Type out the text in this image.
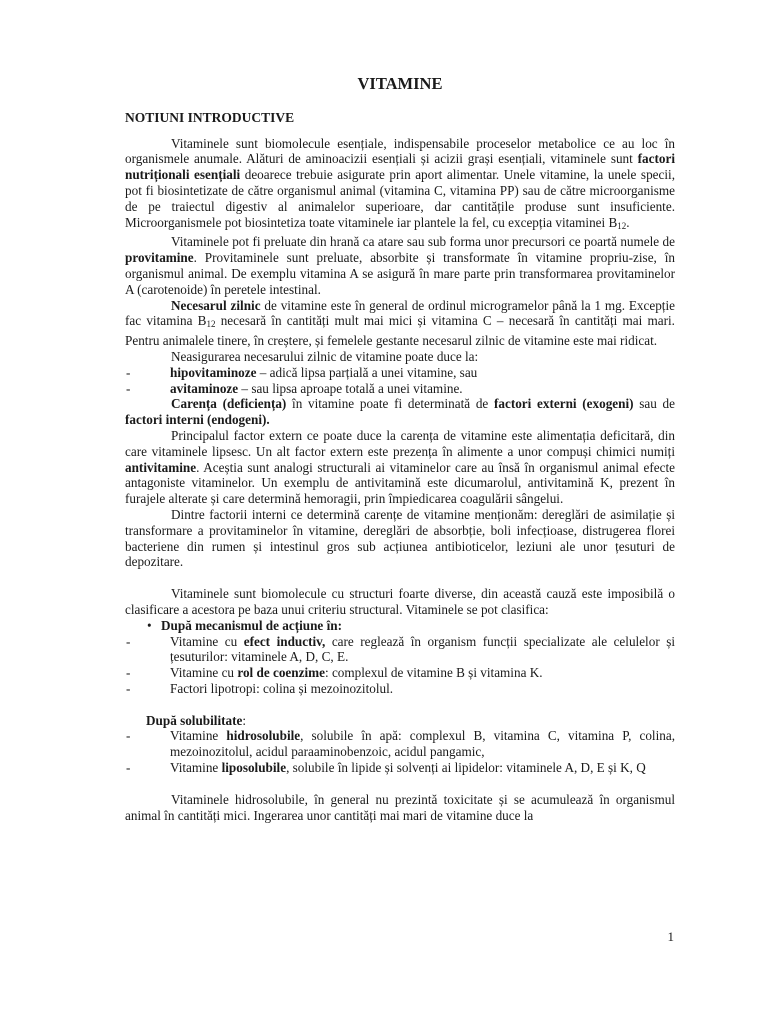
VITAMINE
NOTIUNI INTRODUCTIVE

Vitaminele sunt biomolecule esențiale, indispensabile proceselor metabolice ce au loc în organismele anumale. Alături de aminoacizii esențiali și acizii grași esențiali, vitaminele sunt factori nutriționali esențiali deoarece trebuie asigurate prin aport alimentar. Unele vitamine, la unele specii, pot fi biosintetizate de către organismul animal (vitamina C, vitamina PP) sau de către microorganisme de pe traiectul digestiv al animalelor superioare, dar cantitățile produse sunt insuficiente. Microorganismele pot biosintetiza toate vitaminele iar plantele la fel, cu excepția vitaminei $B_{12}$.

Vitaminele pot fi preluate din hrană ca atare sau sub forma unor precursori ce poartă numele de provitamine. Provitaminele sunt preluate, absorbite și transformate în vitamine propriu-zise, în organismul animal. De exemplu vitamina A se asigură în mare parte prin transformarea provitaminelor A (carotenoide) în peretele intestinal.

Necesarul zilnic de vitamine este în general de ordinul microgramelor până la 1 mg. Excepție fac vitamina $B_{12}$ necesară în cantități mult mai mici și vitamina C – necesară în cantități mai mari. Pentru animalele tinere, în creștere, și femelele gestante necesarul zilnic de vitamine este mai ridicat.

Neasigurarea necesarului zilnic de vitamine poate duce la:

-	hipovitaminoze – adică lipsa parțială a unei vitamine, sau
-	avitaminoze – sau lipsa aproape totală a unei vitamine.

Carența (deficiența) în vitamine poate fi determinată de factori externi (exogeni) sau de factori interni (endogeni).

Principalul factor extern ce poate duce la carența de vitamine este alimentația deficitară, din care vitaminele lipsesc. Un alt factor extern este prezența în alimente a unor compuși chimici numiți antivitamine. Aceștia sunt analogi structurali ai vitaminelor care au însă în organismul animal efecte antagoniste vitaminelor. Un exemplu de antivitamină este dicumarolul, antivitamină K, prezent în furajele alterate și care determină hemoragii, prin împiedicarea coagulării sângelui.

Dintre factorii interni ce determină carențe de vitamine menționăm: dereglări de asimilație și transformare a provitaminelor în vitamine, dereglări de absorbție, boli infecțioase, distrugerea florei bacteriene din rumen și intestinul gros sub acțiunea antibioticelor, leziuni ale unor țesuturi de depozitare.

Vitaminele sunt biomolecule cu structuri foarte diverse, din această cauză este imposibilă o clasificare a acestora pe baza unui criteriu structural. Vitaminele se pot clasifica:

• După mecanismul de acțiune în:
-	Vitamine cu efect inductiv, care reglează în organism funcții specializate ale celulelor și țesuturilor: vitaminele A, D, C, E.
-	Vitamine cu rol de coenzime: complexul de vitamine B și vitamina K.
-	Factori lipotropi: colina și mezoinozitolul.

După solubilitate:

-	Vitamine hidrosolubile, solubile în apă: complexul B, vitamina C, vitamina P, colina, mezoinozitolul, acidul paraaminobenzoic, acidul pangamic,
-	Vitamine liposolubile, solubile în lipide și solvenți ai lipidelor: vitaminele A, D, E și K, Q

Vitaminele hidrosolubile, în general nu prezintă toxicitate și se acumulează în organismul animal în cantități mici. Ingerarea unor cantități mai mari de vitamine duce la

1
